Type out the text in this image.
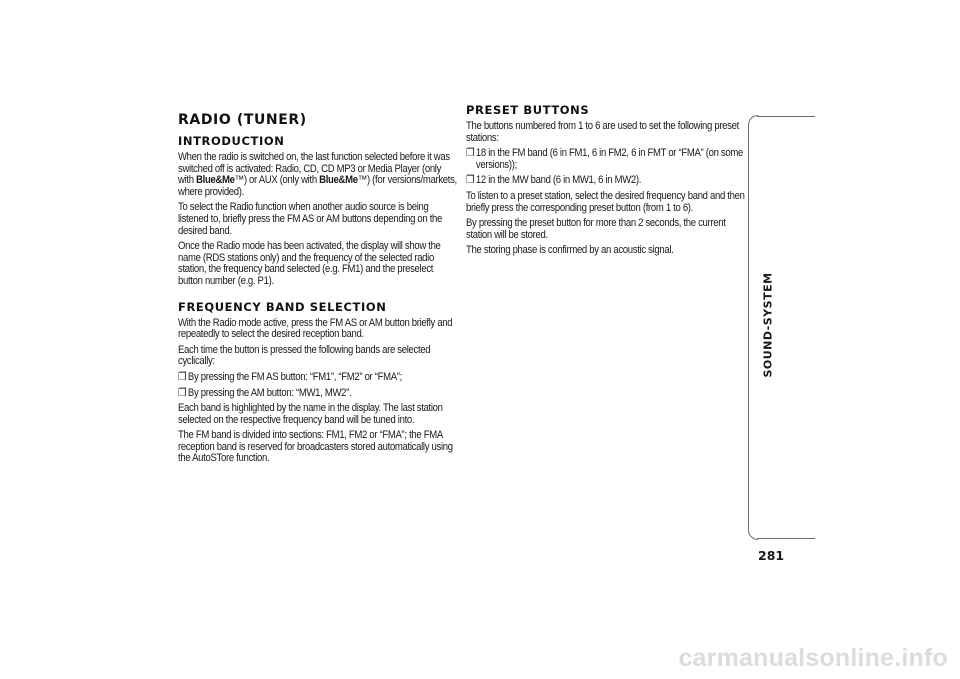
RADIO (TUNER)
INTRODUCTION

When the radio is switched on, the last function selected before it was switched off is activated: Radio, CD, CD MP3 or Media Player (only with Blue&Me™) or AUX (only with Blue&Me™) (for versions/markets, where provided).

To select the Radio function when another audio source is being listened to, briefly press the FM AS or AM buttons depending on the desired band.

Once the Radio mode has been activated, the display will show the name (RDS stations only) and the frequency of the selected radio station, the frequency band selected (e.g. FM1) and the preselect button number (e.g. P1).

FREQUENCY BAND SELECTION

With the Radio mode active, press the FM AS or AM button briefly and repeatedly to select the desired reception band.

Each time the button is pressed the following bands are selected cyclically:

❐ By pressing the FM AS button: “FM1”, “FM2” or “FMA”;

❐ By pressing the AM button: “MW1, MW2”.

Each band is highlighted by the name in the display. The last station selected on the respective frequency band will be tuned into.

The FM band is divided into sections: FM1, FM2 or “FMA”; the FMA reception band is reserved for broadcasters stored automatically using the AutoSTore function.

PRESET BUTTONS

The buttons numbered from 1 to 6 are used to set the following preset stations:

❐ 18 in the FM band (6 in FM1, 6 in FM2, 6 in FMT or “FMA” (on some versions));

❐ 12 in the MW band (6 in MW1, 6 in MW2).

To listen to a preset station, select the desired frequency band and then briefly press the corresponding preset button (from 1 to 6).

By pressing the preset button for more than 2 seconds, the current station will be stored.

The storing phase is confirmed by an acoustic signal.

SOUND-SYSTEM
281
carmanualsonline.info
